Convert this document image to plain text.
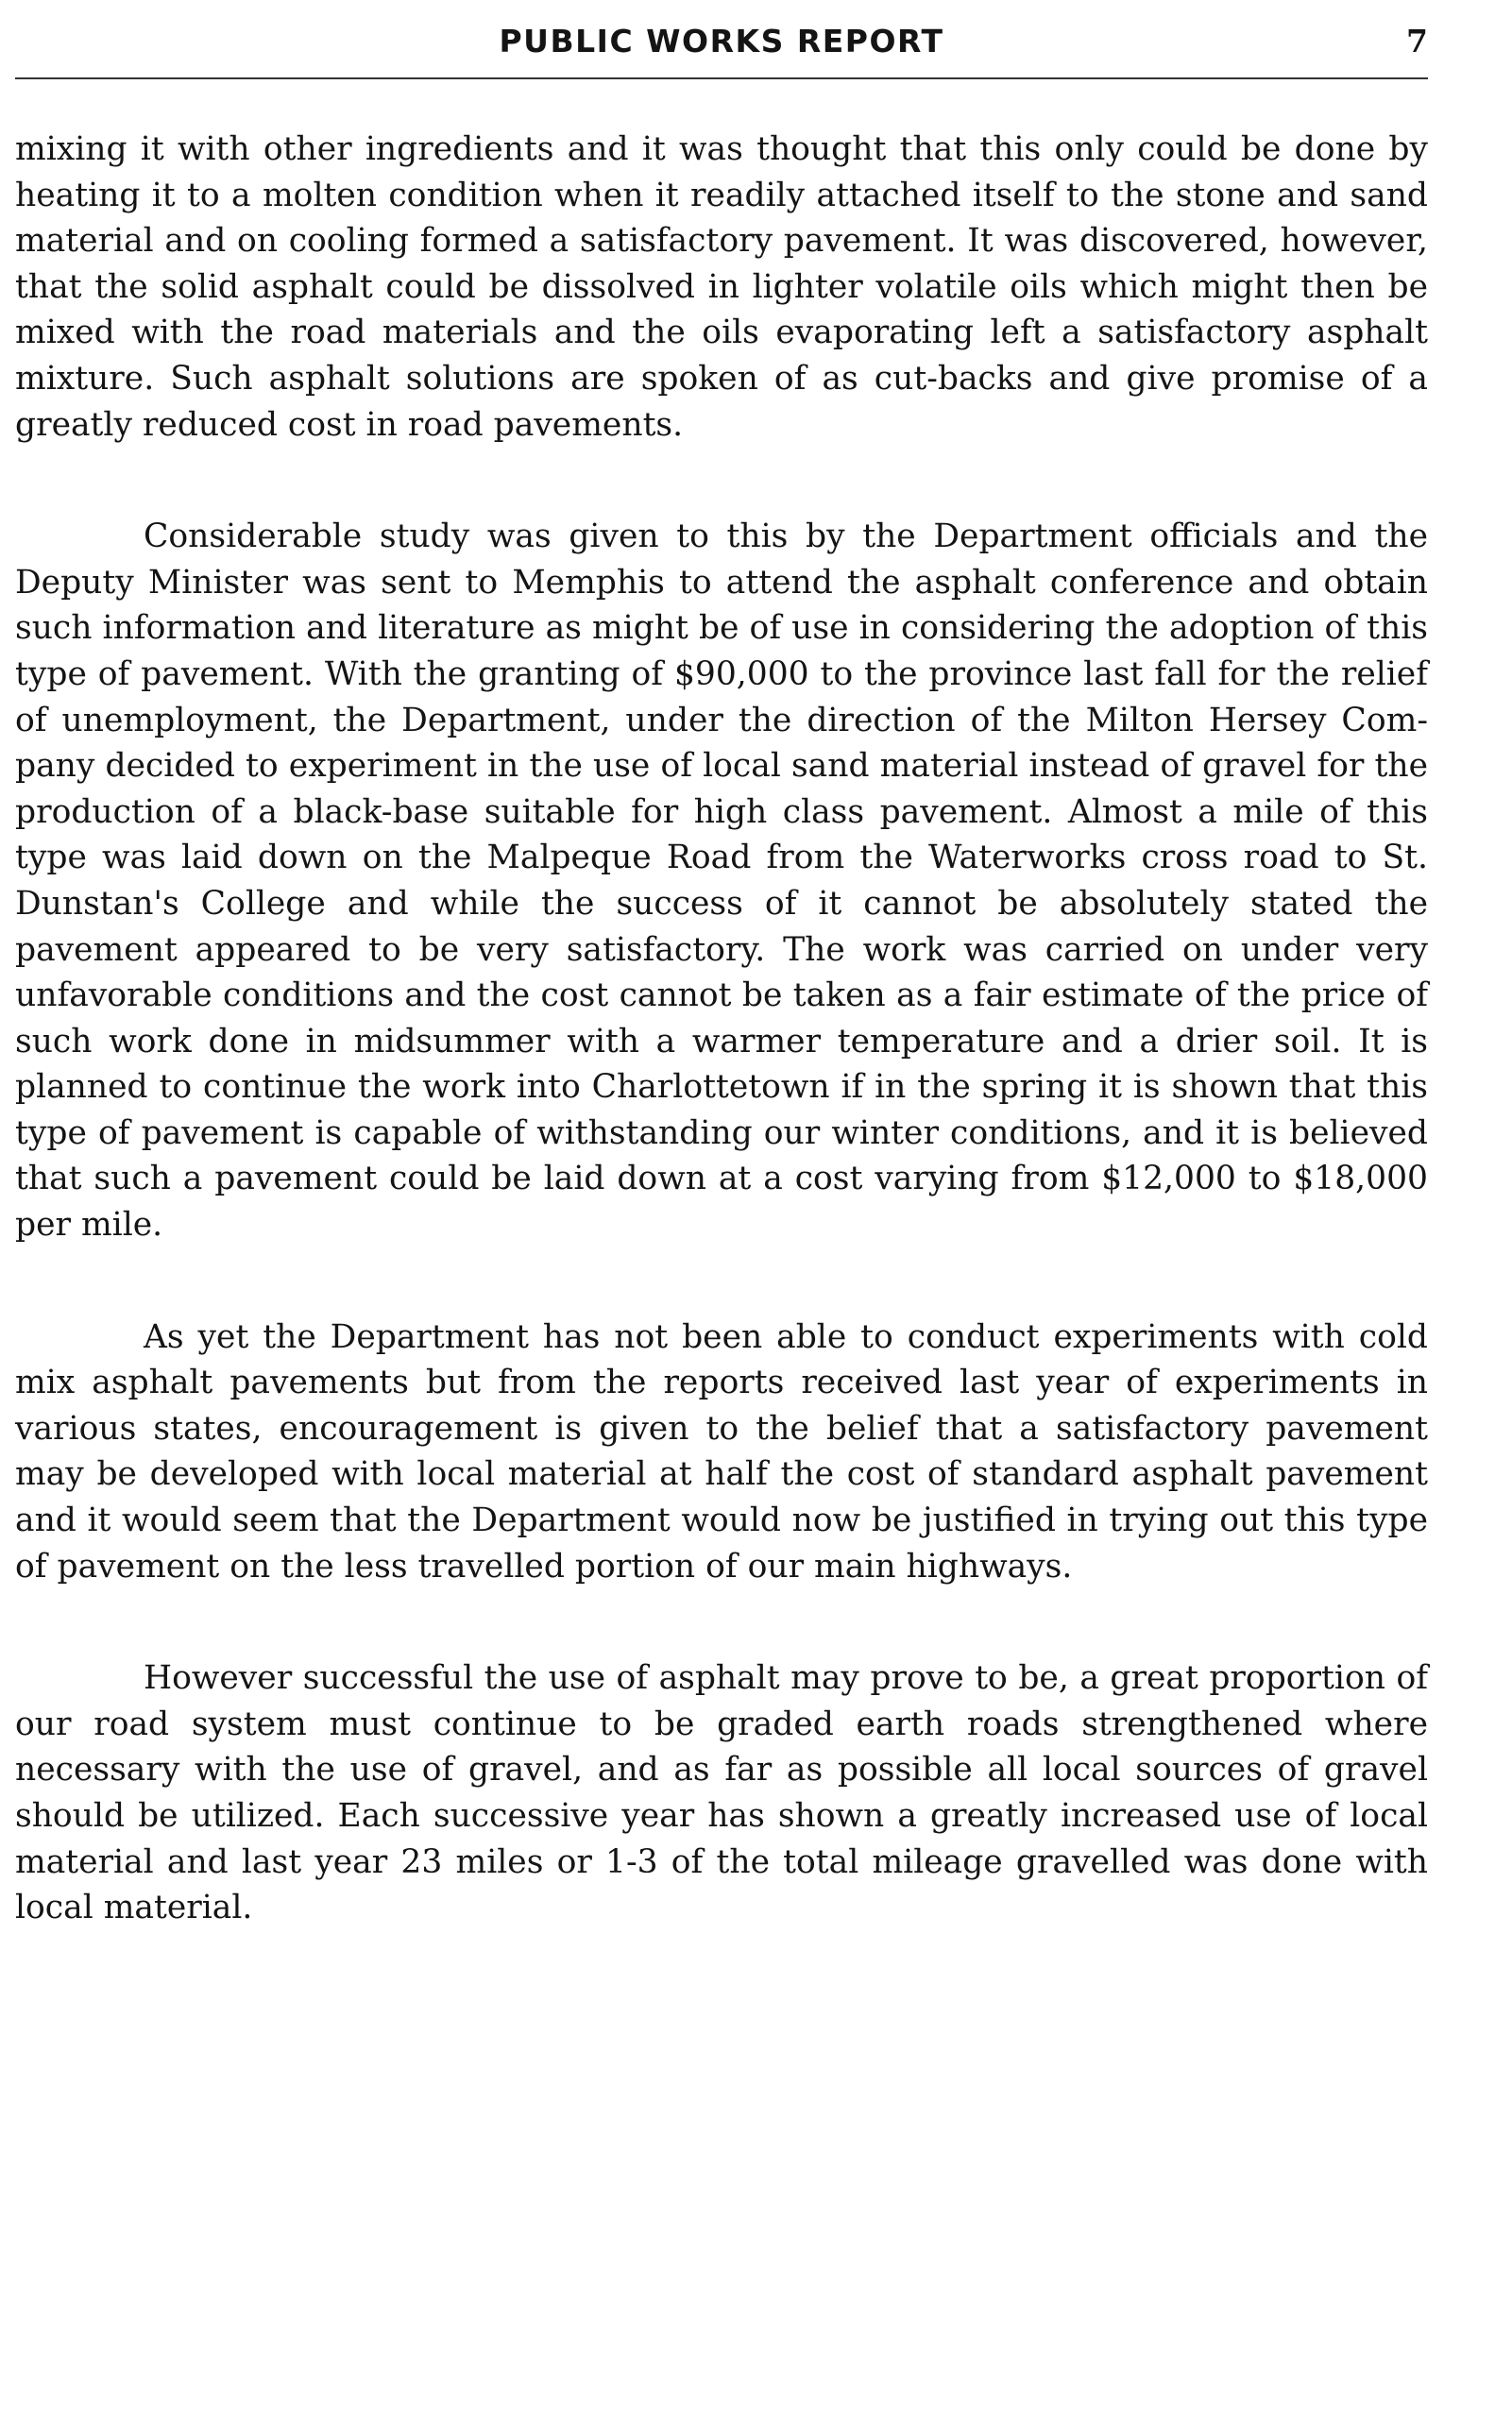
PUBLIC WORKS REPORT	7

mixing it with other ingredients and it was thought that this only could be done by heating it to a molten condition when it readily attached itself to the stone and sand material and on cooling formed a satisfactory pavement. It was discovered, however, that the solid asphalt could be dissolved in lighter volatile oils which might then be mixed with the road materials and the oils evaporating left a satisfactory asphalt mixture. Such asphalt solutions are spoken of as cut-backs and give promise of a greatly reduced cost in road pavements.

Considerable study was given to this by the Department officials and the Deputy Minister was sent to Memphis to attend the asphalt conference and obtain such information and literature as might be of use in considering the adoption of this type of pavement. With the granting of $90,000 to the province last fall for the relief of unemployment, the Department, under the direction of the Milton Hersey Company decided to experiment in the use of local sand material instead of gravel for the production of a black-base suitable for high class pavement. Almost a mile of this type was laid down on the Malpeque Road from the Waterworks cross road to St. Dunstan's College and while the success of it cannot be absolutely stated the pavement appeared to be very satisfactory. The work was carried on under very unfavorable conditions and the cost cannot be taken as a fair estimate of the price of such work done in midsummer with a warmer temperature and a drier soil. It is planned to continue the work into Charlottetown if in the spring it is shown that this type of pavement is capable of withstanding our winter conditions, and it is believed that such a pavement could be laid down at a cost varying from $12,000 to $18,000 per mile.

As yet the Department has not been able to conduct experiments with cold mix asphalt pavements but from the reports received last year of experiments in various states, encouragement is given to the belief that a satisfactory pavement may be developed with local material at half the cost of standard asphalt pavement and it would seem that the Department would now be justified in trying out this type of pavement on the less travelled portion of our main highways.

However successful the use of asphalt may prove to be, a great proportion of our road system must continue to be graded earth roads strengthened where necessary with the use of gravel, and as far as possible all local sources of gravel should be utilized. Each successive year has shown a greatly increased use of local material and last year 23 miles or 1-3 of the total mileage gravelled was done with local material.
